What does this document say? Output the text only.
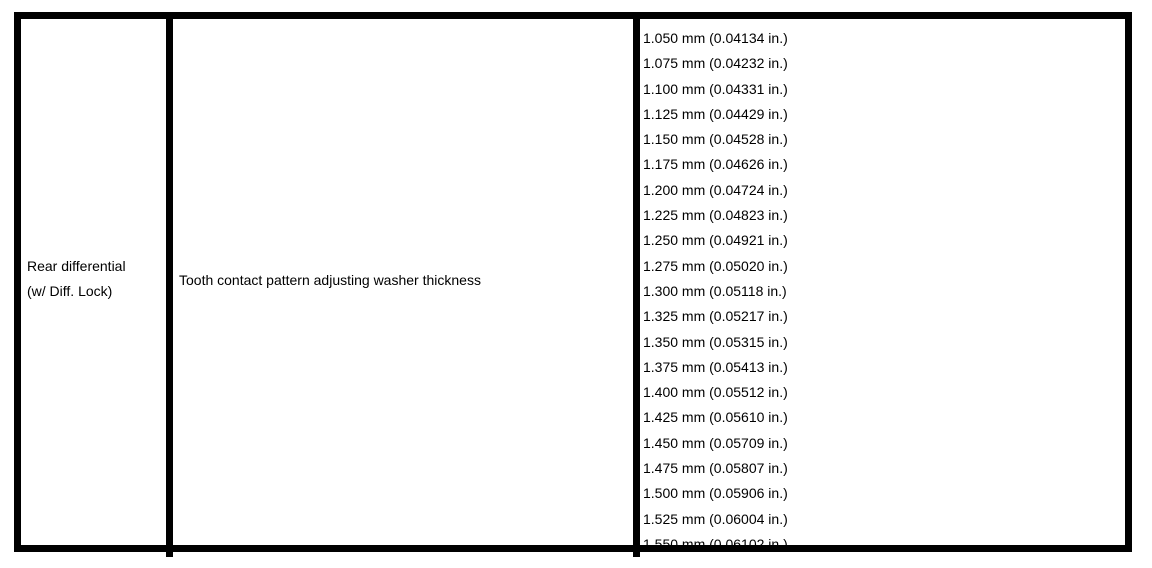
Rear differential
(w/ Diff. Lock)
Tooth contact pattern adjusting washer thickness
1.050 mm (0.04134 in.)
1.075 mm (0.04232 in.)
1.100 mm (0.04331 in.)
1.125 mm (0.04429 in.)
1.150 mm (0.04528 in.)
1.175 mm (0.04626 in.)
1.200 mm (0.04724 in.)
1.225 mm (0.04823 in.)
1.250 mm (0.04921 in.)
1.275 mm (0.05020 in.)
1.300 mm (0.05118 in.)
1.325 mm (0.05217 in.)
1.350 mm (0.05315 in.)
1.375 mm (0.05413 in.)
1.400 mm (0.05512 in.)
1.425 mm (0.05610 in.)
1.450 mm (0.05709 in.)
1.475 mm (0.05807 in.)
1.500 mm (0.05906 in.)
1.525 mm (0.06004 in.)
1.550 mm (0.06102 in.)
